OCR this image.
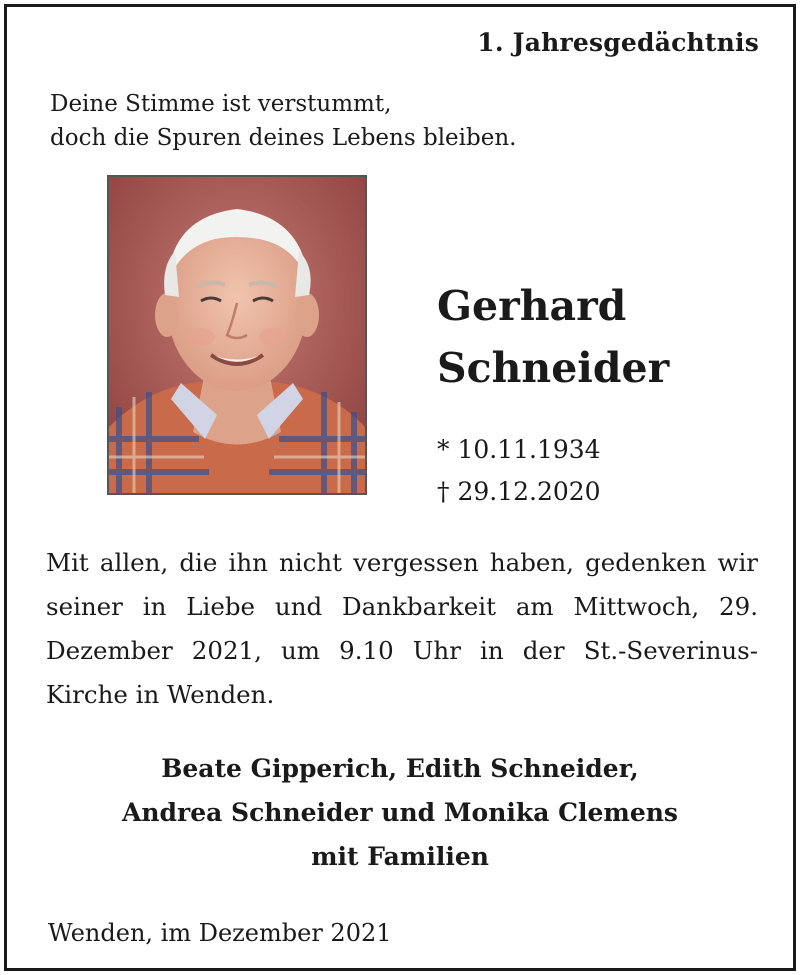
1. Jahresgedächtnis
Deine Stimme ist verstummt,
doch die Spuren deines Lebens bleiben.
Gerhard
Schneider
* 10.11.1934
† 29.12.2020

Mit allen, die ihn nicht vergessen haben, gedenken wir seiner in Liebe und Dankbarkeit am Mittwoch, 29. Dezember 2021, um 9.10 Uhr in der St.-Severinus-Kirche in Wenden.

Beate Gipperich, Edith Schneider,
Andrea Schneider und Monika Clemens
mit Familien
Wenden, im Dezember 2021
